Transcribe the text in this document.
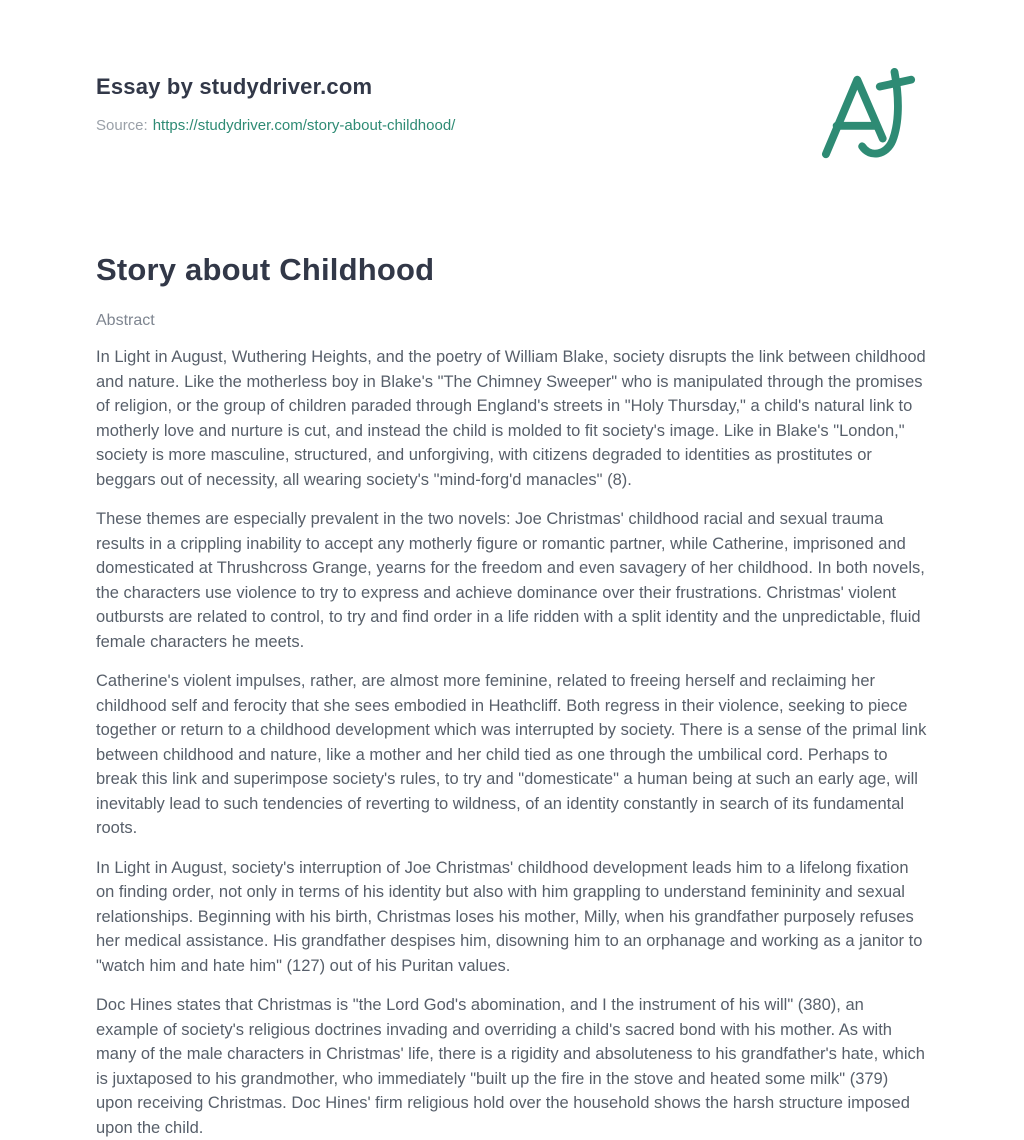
Essay by studydriver.com
Source: https://studydriver.com/story-about-childhood/
Story about Childhood
Abstract

In Light in August, Wuthering Heights, and the poetry of William Blake, society disrupts the link between childhood and nature. Like the motherless boy in Blake's "The Chimney Sweeper" who is manipulated through the promises of religion, or the group of children paraded through England's streets in "Holy Thursday," a child's natural link to motherly love and nurture is cut, and instead the child is molded to fit society's image. Like in Blake's "London," society is more masculine, structured, and unforgiving, with citizens degraded to identities as prostitutes or beggars out of necessity, all wearing society's "mind-forg'd manacles" (8).

These themes are especially prevalent in the two novels: Joe Christmas' childhood racial and sexual trauma results in a crippling inability to accept any motherly figure or romantic partner, while Catherine, imprisoned and domesticated at Thrushcross Grange, yearns for the freedom and even savagery of her childhood. In both novels, the characters use violence to try to express and achieve dominance over their frustrations. Christmas' violent outbursts are related to control, to try and find order in a life ridden with a split identity and the unpredictable, fluid female characters he meets.

Catherine's violent impulses, rather, are almost more feminine, related to freeing herself and reclaiming her childhood self and ferocity that she sees embodied in Heathcliff. Both regress in their violence, seeking to piece together or return to a childhood development which was interrupted by society. There is a sense of the primal link between childhood and nature, like a mother and her child tied as one through the umbilical cord. Perhaps to break this link and superimpose society's rules, to try and "domesticate" a human being at such an early age, will inevitably lead to such tendencies of reverting to wildness, of an identity constantly in search of its fundamental roots.

In Light in August, society's interruption of Joe Christmas' childhood development leads him to a lifelong fixation on finding order, not only in terms of his identity but also with him grappling to understand femininity and sexual relationships. Beginning with his birth, Christmas loses his mother, Milly, when his grandfather purposely refuses her medical assistance. His grandfather despises him, disowning him to an orphanage and working as a janitor to "watch him and hate him" (127) out of his Puritan values.

Doc Hines states that Christmas is "the Lord God's abomination, and I the instrument of his will" (380), an example of society's religious doctrines invading and overriding a child's sacred bond with his mother. As with many of the male characters in Christmas' life, there is a rigidity and absoluteness to his grandfather's hate, which is juxtaposed to his grandmother, who immediately "built up the fire in the stove and heated some milk" (379) upon receiving Christmas. Doc Hines' firm religious hold over the household shows the harsh structure imposed upon the child.
